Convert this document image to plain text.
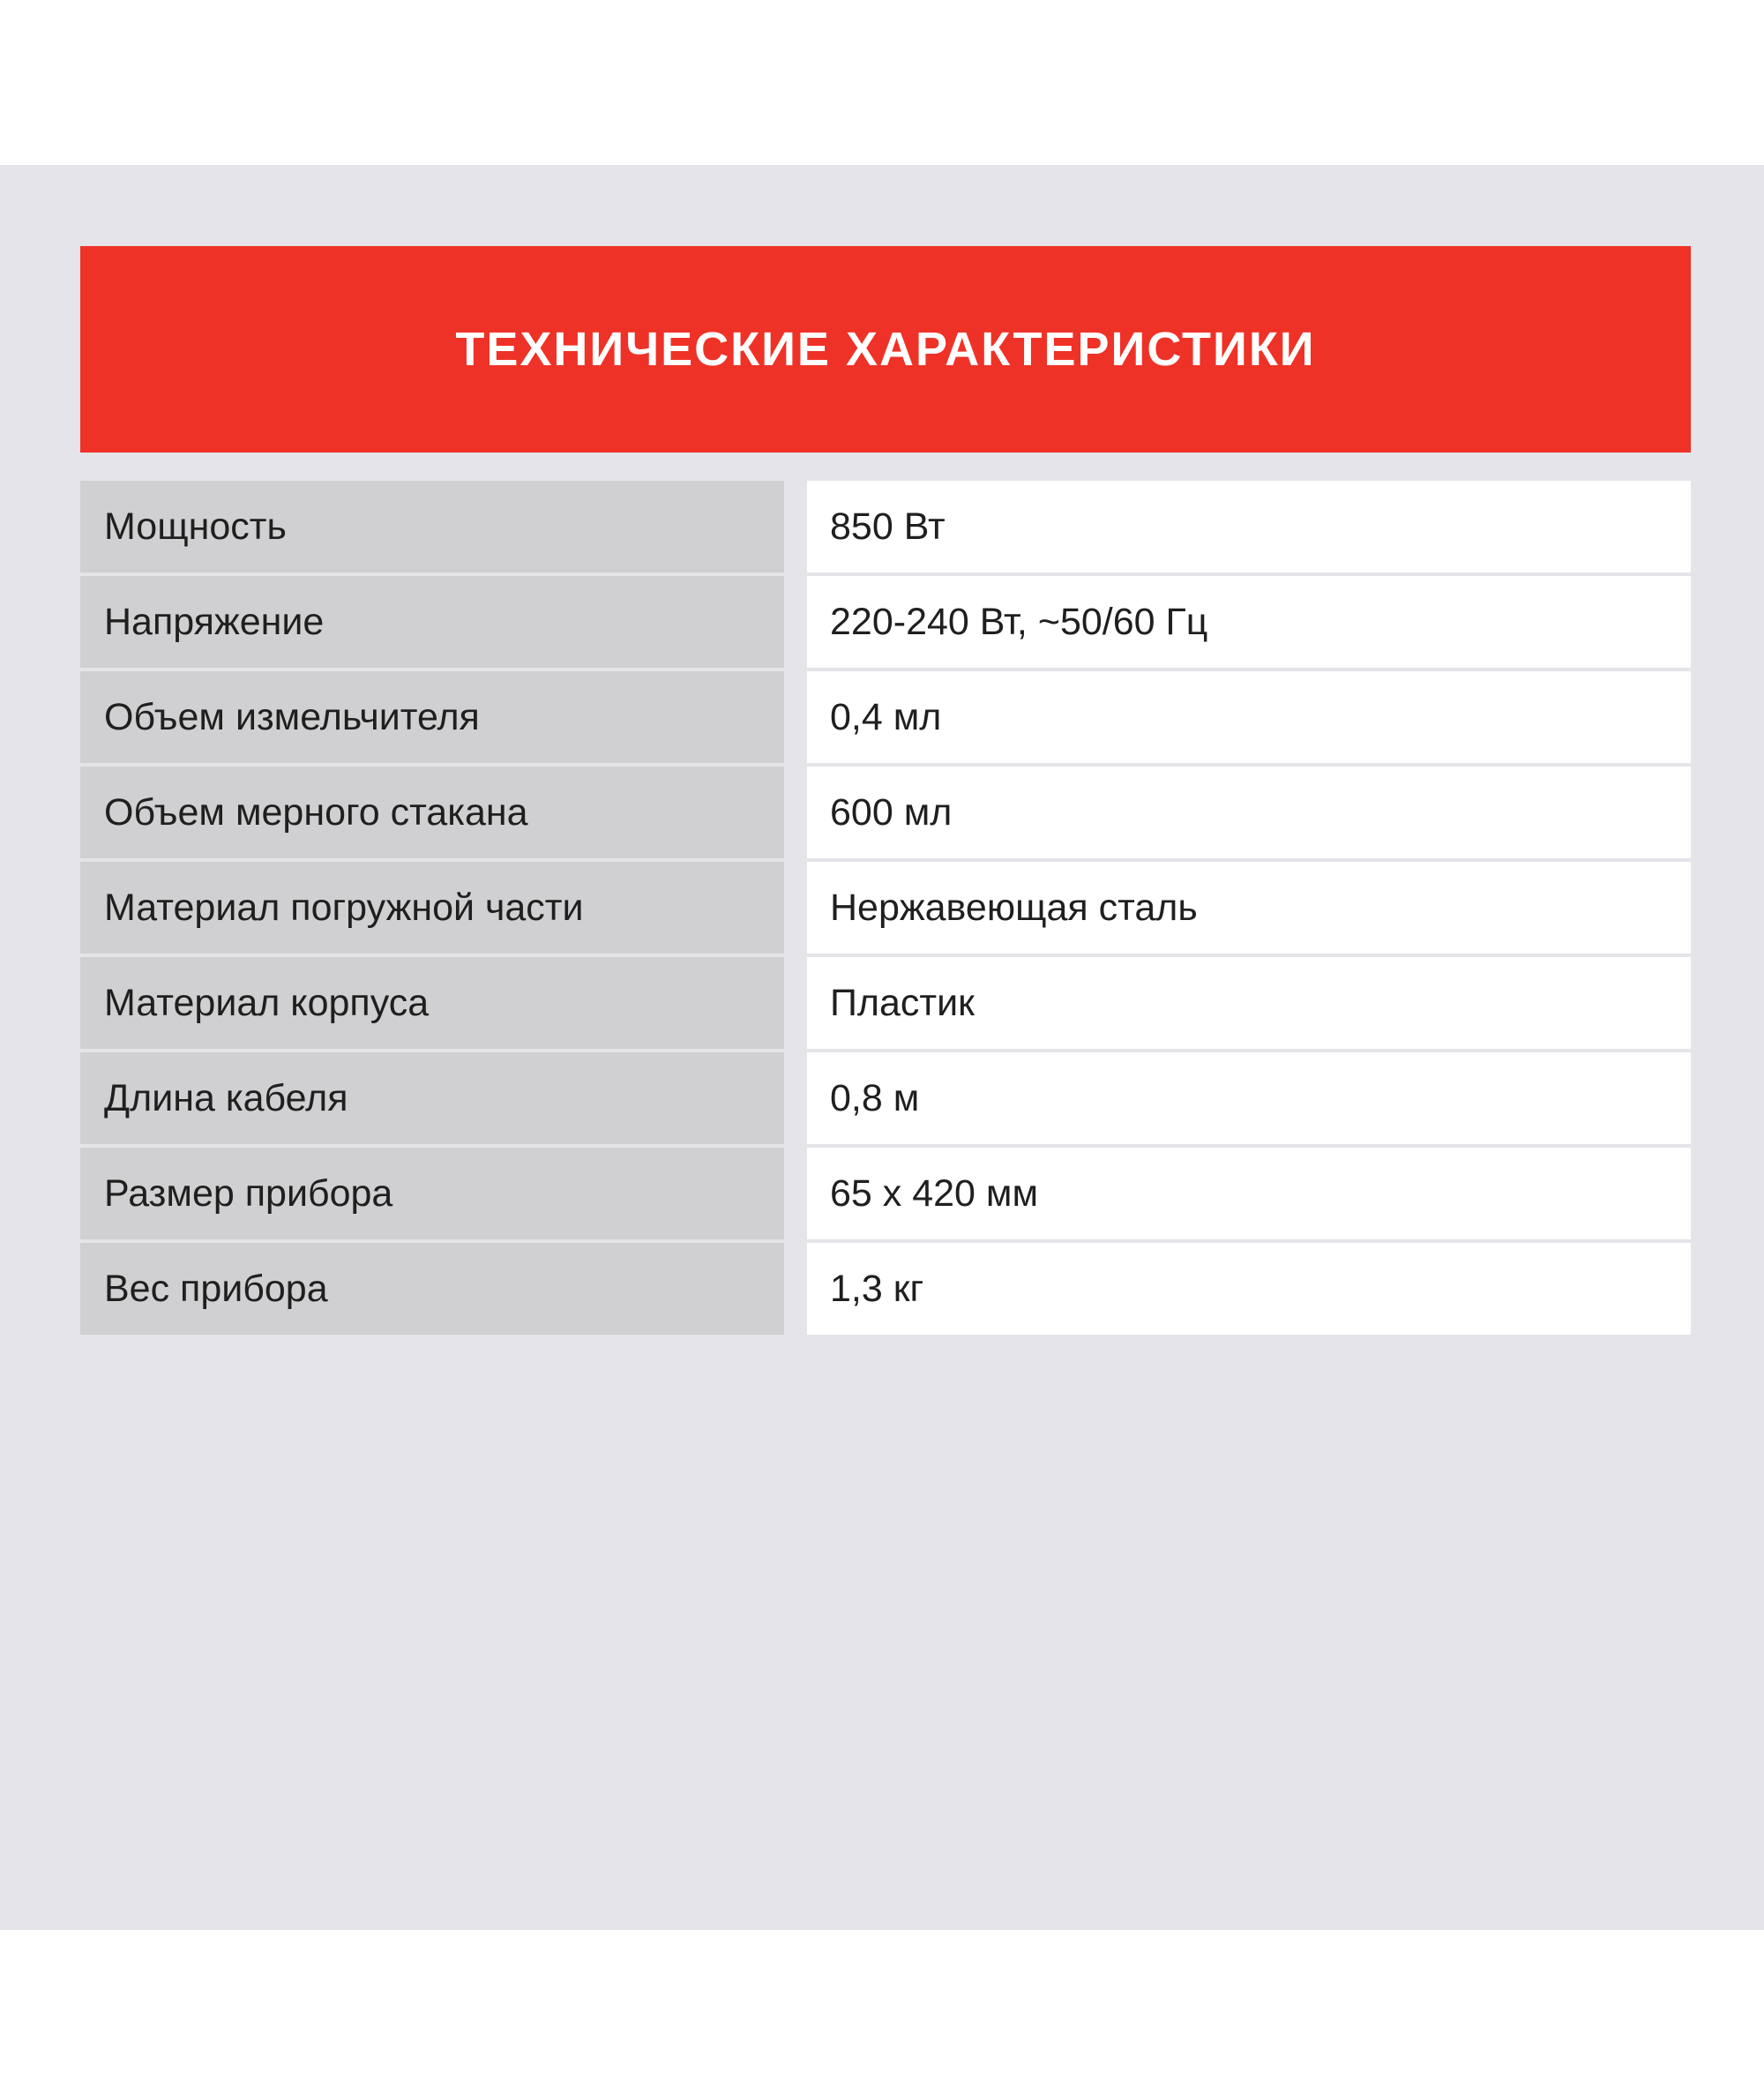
ТЕХНИЧЕСКИЕ ХАРАКТЕРИСТИКИ
Мощность	850 Вт
Напряжение	220-240 Вт, ~50/60 Гц
Объем измельчителя	0,4 мл
Объем мерного стакана	600 мл
Материал погружной части	Нержавеющая сталь
Материал корпуса	Пластик
Длина кабеля	0,8 м
Размер прибора	65 х 420 мм
Вес прибора	1,3 кг
